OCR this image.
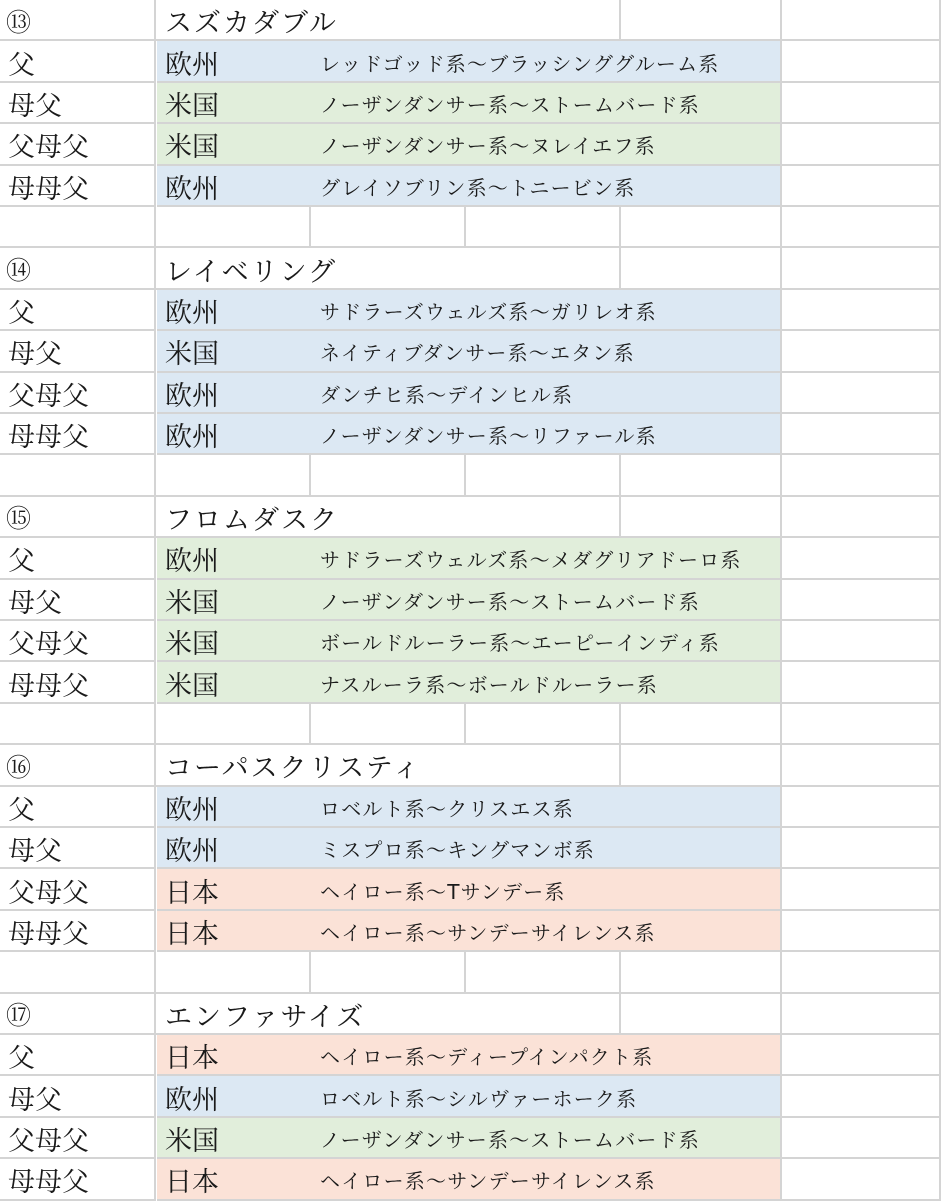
⑬	スズカダブル
父	欧州	レッドゴッド系〜ブラッシンググルーム系
母父	米国	ノーザンダンサー系〜ストームバード系
父母父	米国	ノーザンダンサー系〜ヌレイエフ系
母母父	欧州	グレイソブリン系〜トニービン系
⑭	レイベリング
父	欧州	サドラーズウェルズ系〜ガリレオ系
母父	米国	ネイティブダンサー系〜エタン系
父母父	欧州	ダンチヒ系〜デインヒル系
母母父	欧州	ノーザンダンサー系〜リファール系
⑮	フロムダスク
父	欧州	サドラーズウェルズ系〜メダグリアドーロ系
母父	米国	ノーザンダンサー系〜ストームバード系
父母父	米国	ボールドルーラー系〜エーピーインディ系
母母父	米国	ナスルーラ系〜ボールドルーラー系
⑯	コーパスクリスティ
父	欧州	ロベルト系〜クリスエス系
母父	欧州	ミスプロ系〜キングマンボ系
父母父	日本	ヘイロー系〜Tサンデー系
母母父	日本	ヘイロー系〜サンデーサイレンス系
⑰	エンファサイズ
父	日本	ヘイロー系〜ディープインパクト系
母父	欧州	ロベルト系〜シルヴァーホーク系
父母父	米国	ノーザンダンサー系〜ストームバード系
母母父	日本	ヘイロー系〜サンデーサイレンス系
